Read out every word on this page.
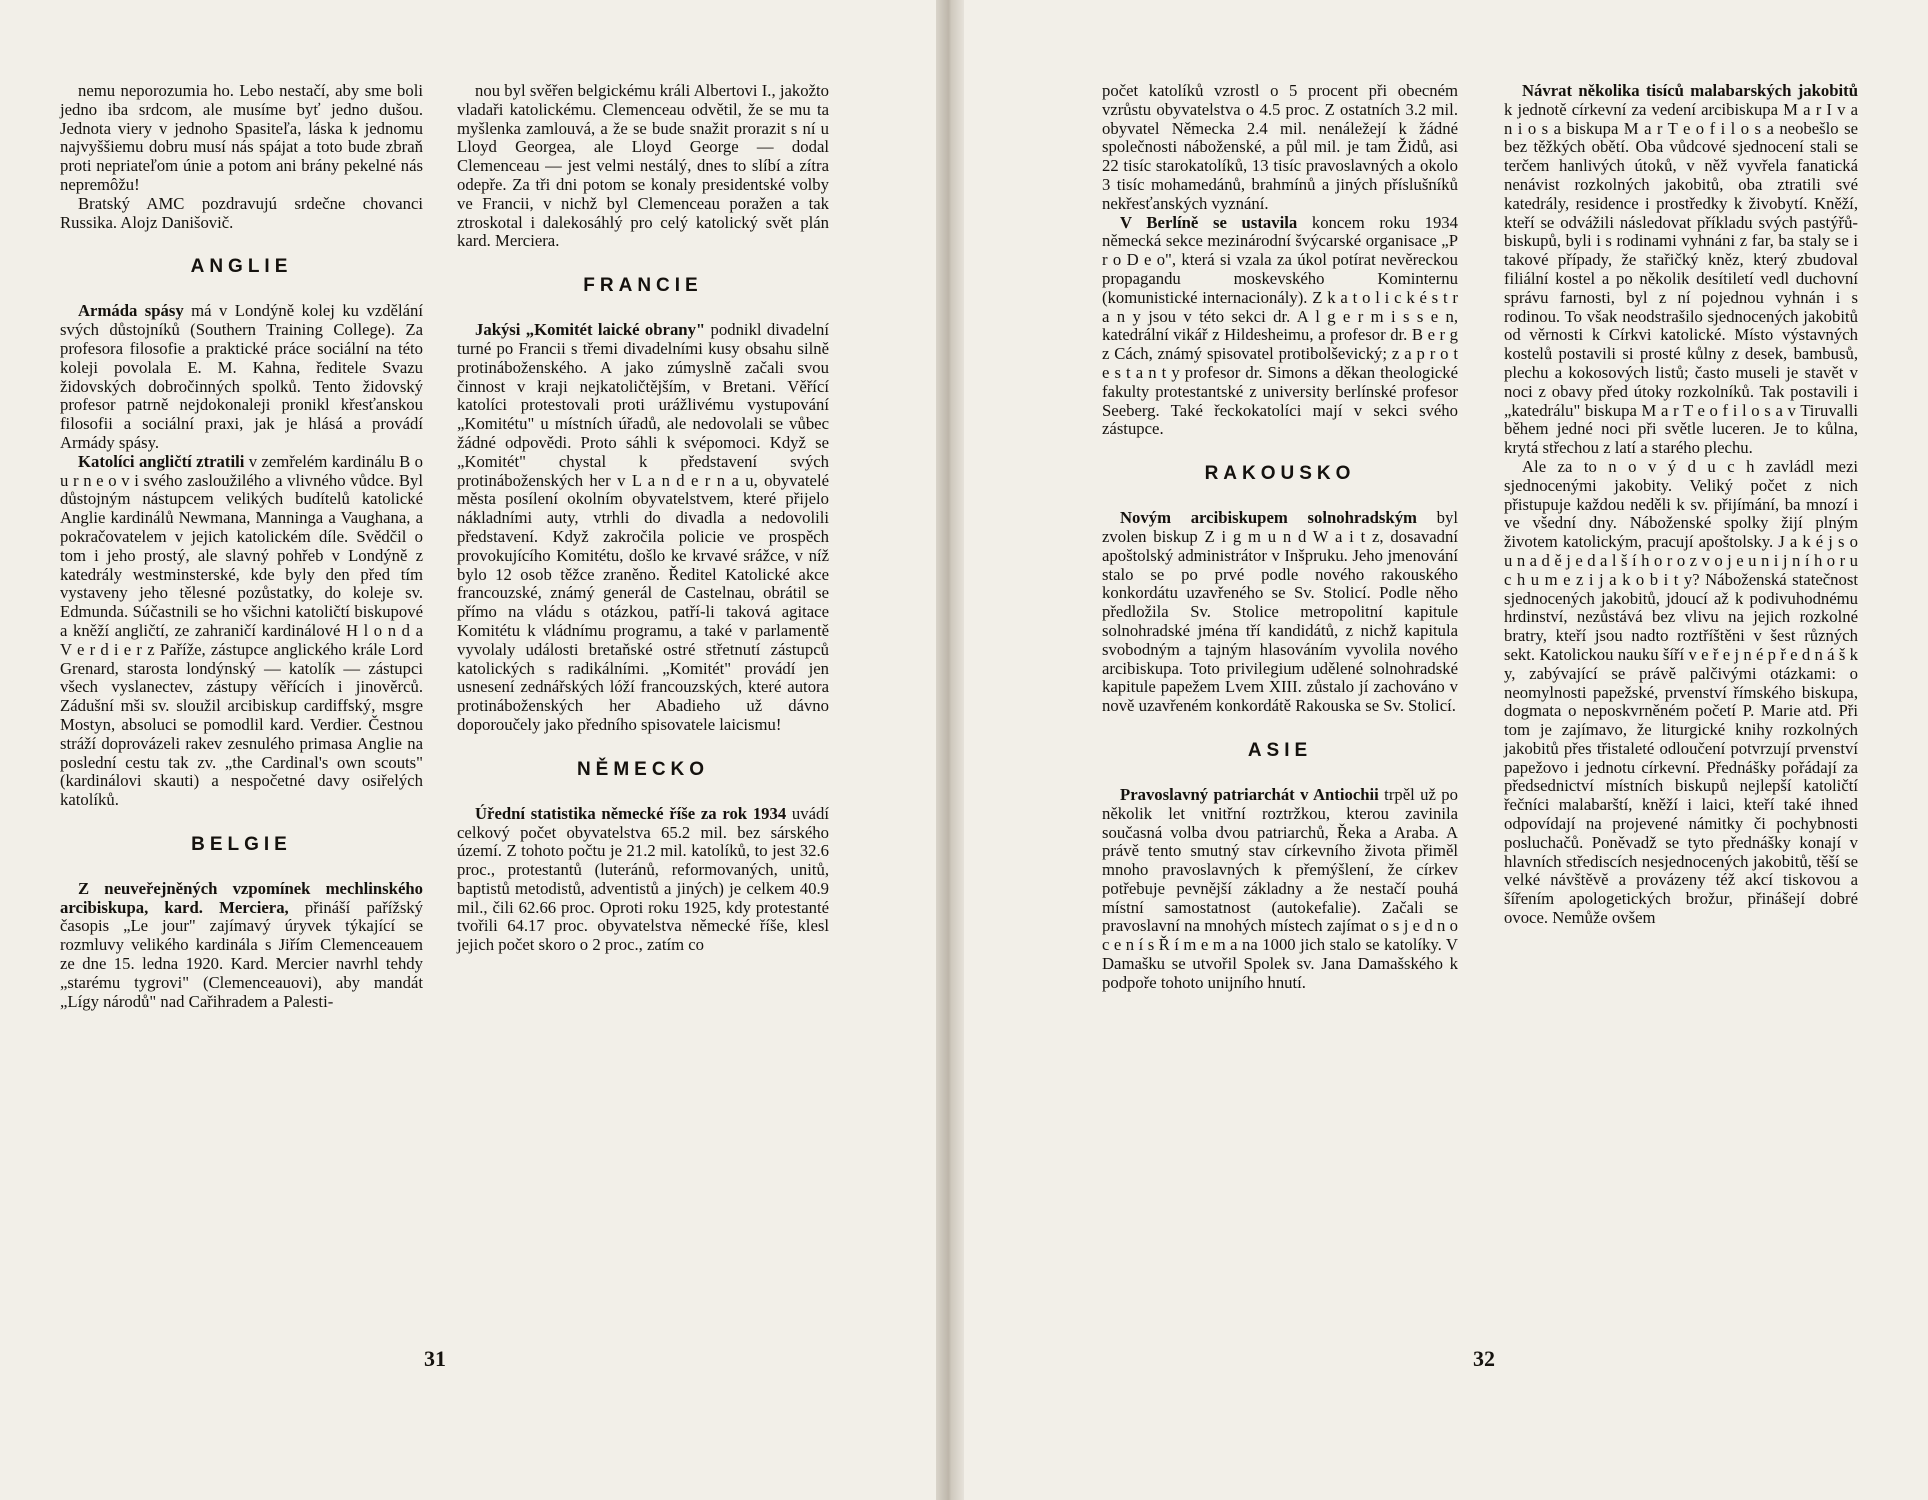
nemu neporozumia ho. Lebo nestačí, aby sme boli jedno iba srdcom, ale musíme byť jedno dušou. Jednota viery v jednoho Spasiteľa, láska k jednomu najvyššiemu dobru musí nás spájat a toto bude zbraň proti nepriateľom únie a potom ani brány pekelné nás nepremôžu!

Bratský AMC pozdravujú srdečne chovanci Russika. Alojz Danišovič.

ANGLIE

Armáda spásy má v Londýně kolej ku vzdělání svých důstojníků (Southern Training College). Za profesora filosofie a praktické práce sociální na této koleji povolala E. M. Kahna, ředitele Svazu židovských dobročinných spolků. Tento židovský profesor patrně nejdokonaleji pronikl křesťanskou filosofii a sociální praxi, jak je hlásá a provádí Armády spásy.

Katolíci angličtí ztratili v zemřelém kardinálu B o u r n e o v i svého zasloužilého a vlivného vůdce. Byl důstojným nástupcem velikých budítelů katolické Anglie kardinálů Newmana, Manninga a Vaughana, a pokračovatelem v jejich katolickém díle. Svědčil o tom i jeho prostý, ale slavný pohřeb v Londýně z katedrály westminsterské, kde byly den před tím vystaveny jeho tělesné pozůstatky, do koleje sv. Edmunda. Súčastnili se ho všichni katoličtí biskupové a kněží angličtí, ze zahraničí kardinálové H l o n d a V e r d i e r z Paříže, zástupce anglického krále Lord Grenard, starosta londýnský — katolík — zástupci všech vyslanectev, zástupy věřících i jinověrců. Zádušní mši sv. sloužil arcibiskup cardiffský, msgre Mostyn, absoluci se pomodlil kard. Verdier. Čestnou stráží doprovázeli rakev zesnulého primasa Anglie na poslední cestu tak zv. „the Cardinal's own scouts" (kardinálovi skauti) a nespočetné davy osiřelých katolíků.

BELGIE

Z neuveřejněných vzpomínek mechlinského arcibiskupa, kard. Merciera, přináší pařížský časopis „Le jour" zajímavý úryvek týkající se rozmluvy velikého kardinála s Jiřím Clemenceauem ze dne 15. ledna 1920. Kard. Mercier navrhl tehdy „starému tygrovi" (Clemenceauovi), aby mandát „Lígy národů" nad Cařihradem a Palesti-

nou byl svěřen belgickému králi Albertovi I., jakožto vladaři katolickému. Clemenceau odvětil, že se mu ta myšlenka zamlouvá, a že se bude snažit prorazit s ní u Lloyd Georgea, ale Lloyd George — dodal Clemenceau — jest velmi nestálý, dnes to slíbí a zítra odepře. Za tři dni potom se konaly presidentské volby ve Francii, v nichž byl Clemenceau poražen a tak ztroskotal i dalekosáhlý pro celý katolický svět plán kard. Merciera.

FRANCIE

Jakýsi „Komitét laické obrany" podnikl divadelní turné po Francii s třemi divadelními kusy obsahu silně protináboženského. A jako zúmyslně začali svou činnost v kraji nejkatoličtějším, v Bretani. Věřící katolíci protestovali proti urážlivému vystupování „Komitétu" u místních úřadů, ale nedovolali se vůbec žádné odpovědi. Proto sáhli k svépomoci. Když se „Komitét" chystal k představení svých protináboženských her v L a n d e r n a u, obyvatelé města posílení okolním obyvatelstvem, které přijelo nákladními auty, vtrhli do divadla a nedovolili představení. Když zakročila policie ve prospěch provokujícího Komitétu, došlo ke krvavé srážce, v níž bylo 12 osob těžce zraněno. Ředitel Katolické akce francouzské, známý generál de Castelnau, obrátil se přímo na vládu s otázkou, patří-li taková agitace Komitétu k vládnímu programu, a také v parlamentě vyvolaly události bretaňské ostré střetnutí zástupců katolických s radikálními. „Komitét" provádí jen usnesení zednářských lóží francouzských, které autora protináboženských her Abadieho už dávno doporoučely jako předního spisovatele laicismu!

NĚMECKO

Úřední statistika německé říše za rok 1934 uvádí celkový počet obyvatelstva 65.2 mil. bez sárského území. Z tohoto počtu je 21.2 mil. katolíků, to jest 32.6 proc., protestantů (luteránů, reformovaných, unitů, baptistů metodistů, adventistů a jiných) je celkem 40.9 mil., čili 62.66 proc. Oproti roku 1925, kdy protestanté tvořili 64.17 proc. obyvatelstva německé říše, klesl jejich počet skoro o 2 proc., zatím co

31

počet katolíků vzrostl o 5 procent při obecném vzrůstu obyvatelstva o 4.5 proc. Z ostatních 3.2 mil. obyvatel Německa 2.4 mil. nenáležejí k žádné společnosti náboženské, a půl mil. je tam Židů, asi 22 tisíc starokatolíků, 13 tisíc pravoslavných a okolo 3 tisíc mohamedánů, brahmínů a jiných příslušníků nekřesťanských vyznání.

V Berlíně se ustavila koncem roku 1934 německá sekce mezinárodní švýcarské organisace „P r o D e o", která si vzala za úkol potírat nevěreckou propagandu moskevského Kominternu (komunistické internacionály). Z k a t o l i c k é s t r a n y jsou v této sekci dr. A l g e r m i s s e n, katedrální vikář z Hildesheimu, a profesor dr. B e r g z Cách, známý spisovatel protibolševický; z a p r o t e s t a n t y profesor dr. Simons a děkan theologické fakulty protestantské z university berlínské profesor Seeberg. Také řeckokatolíci mají v sekci svého zástupce.

RAKOUSKO

Novým arcibiskupem solnohradským byl zvolen biskup Z i g m u n d W a i t z, dosavadní apoštolský administrátor v Inšpruku. Jeho jmenování stalo se po prvé podle nového rakouského konkordátu uzavřeného se Sv. Stolicí. Podle něho předložila Sv. Stolice metropolitní kapitule solnohradské jména tří kandidátů, z nichž kapitula svobodným a tajným hlasováním vyvolila nového arcibiskupa. Toto privilegium udělené solnohradské kapitule papežem Lvem XIII. zůstalo jí zachováno v nově uzavřeném konkordátě Rakouska se Sv. Stolicí.

ASIE

Pravoslavný patriarchát v Antiochii trpěl už po několik let vnitřní roztržkou, kterou zavinila současná volba dvou patriarchů, Řeka a Araba. A právě tento smutný stav církevního života přiměl mnoho pravoslavných k přemýšlení, že církev potřebuje pevnější základny a že nestačí pouhá místní samostatnost (autokefalie). Začali se pravoslavní na mnohých místech zajímat o s j e d n o c e n í s Ř í m e m a na 1000 jich stalo se katolíky. V Damašku se utvořil Spolek sv. Jana Damašského k podpoře tohoto unijního hnutí.

Návrat několika tisíců malabarských jakobitů k jednotě církevní za vedení arcibiskupa M a r I v a n i o s a biskupa M a r T e o f i l o s a neobešlo se bez těžkých obětí. Oba vůdcové sjednocení stali se terčem hanlivých útoků, v něž vyvřela fanatická nenávist rozkolných jakobitů, oba ztratili své katedrály, residence i prostředky k živobytí. Kněží, kteří se odvážili následovat příkladu svých pastýřů-biskupů, byli i s rodinami vyhnáni z far, ba staly se i takové případy, že stařičký kněz, který zbudoval filiální kostel a po několik desítiletí vedl duchovní správu farnosti, byl z ní pojednou vyhnán i s rodinou. To však neodstrašilo sjednocených jakobitů od věrnosti k Církvi katolické. Místo výstavných kostelů postavili si prosté kůlny z desek, bambusů, plechu a kokosových listů; často museli je stavět v noci z obavy před útoky rozkolníků. Tak postavili i „katedrálu" biskupa M a r T e o f i l o s a v Tiruvalli během jedné noci při světle luceren. Je to kůlna, krytá střechou z latí a starého plechu.

Ale za to n o v ý d u c h zavládl mezi sjednocenými jakobity. Veliký počet z nich přistupuje každou neděli k sv. přijímání, ba mnozí i ve všední dny. Náboženské spolky žijí plným životem katolickým, pracují apoštolsky. J a k é j s o u n a d ě j e d a l š í h o r o z v o j e u n i j n í h o r u c h u m e z i j a k o b i t y? Náboženská statečnost sjednocených jakobitů, jdoucí až k podivuhodnému hrdinství, nezůstává bez vlivu na jejich rozkolné bratry, kteří jsou nadto roztříštěni v šest různých sekt. Katolickou nauku šíří v e ř e j n é p ř e d n á š k y, zabývající se právě palčivými otázkami: o neomylnosti papežské, prvenství římského biskupa, dogmata o neposkvrněném početí P. Marie atd. Při tom je zajímavo, že liturgické knihy rozkolných jakobitů přes třistaleté odloučení potvrzují prvenství papežovo i jednotu církevní. Přednášky pořádají za předsednictví místních biskupů nejlepší katoličtí řečníci malabarští, kněží i laici, kteří také ihned odpovídají na projevené námitky či pochybnosti posluchačů. Poněvadž se tyto přednášky konají v hlavních střediscích nesjednocených jakobitů, těší se velké návštěvě a provázeny též akcí tiskovou a šířením apologetických brožur, přinášejí dobré ovoce. Nemůže ovšem

32
